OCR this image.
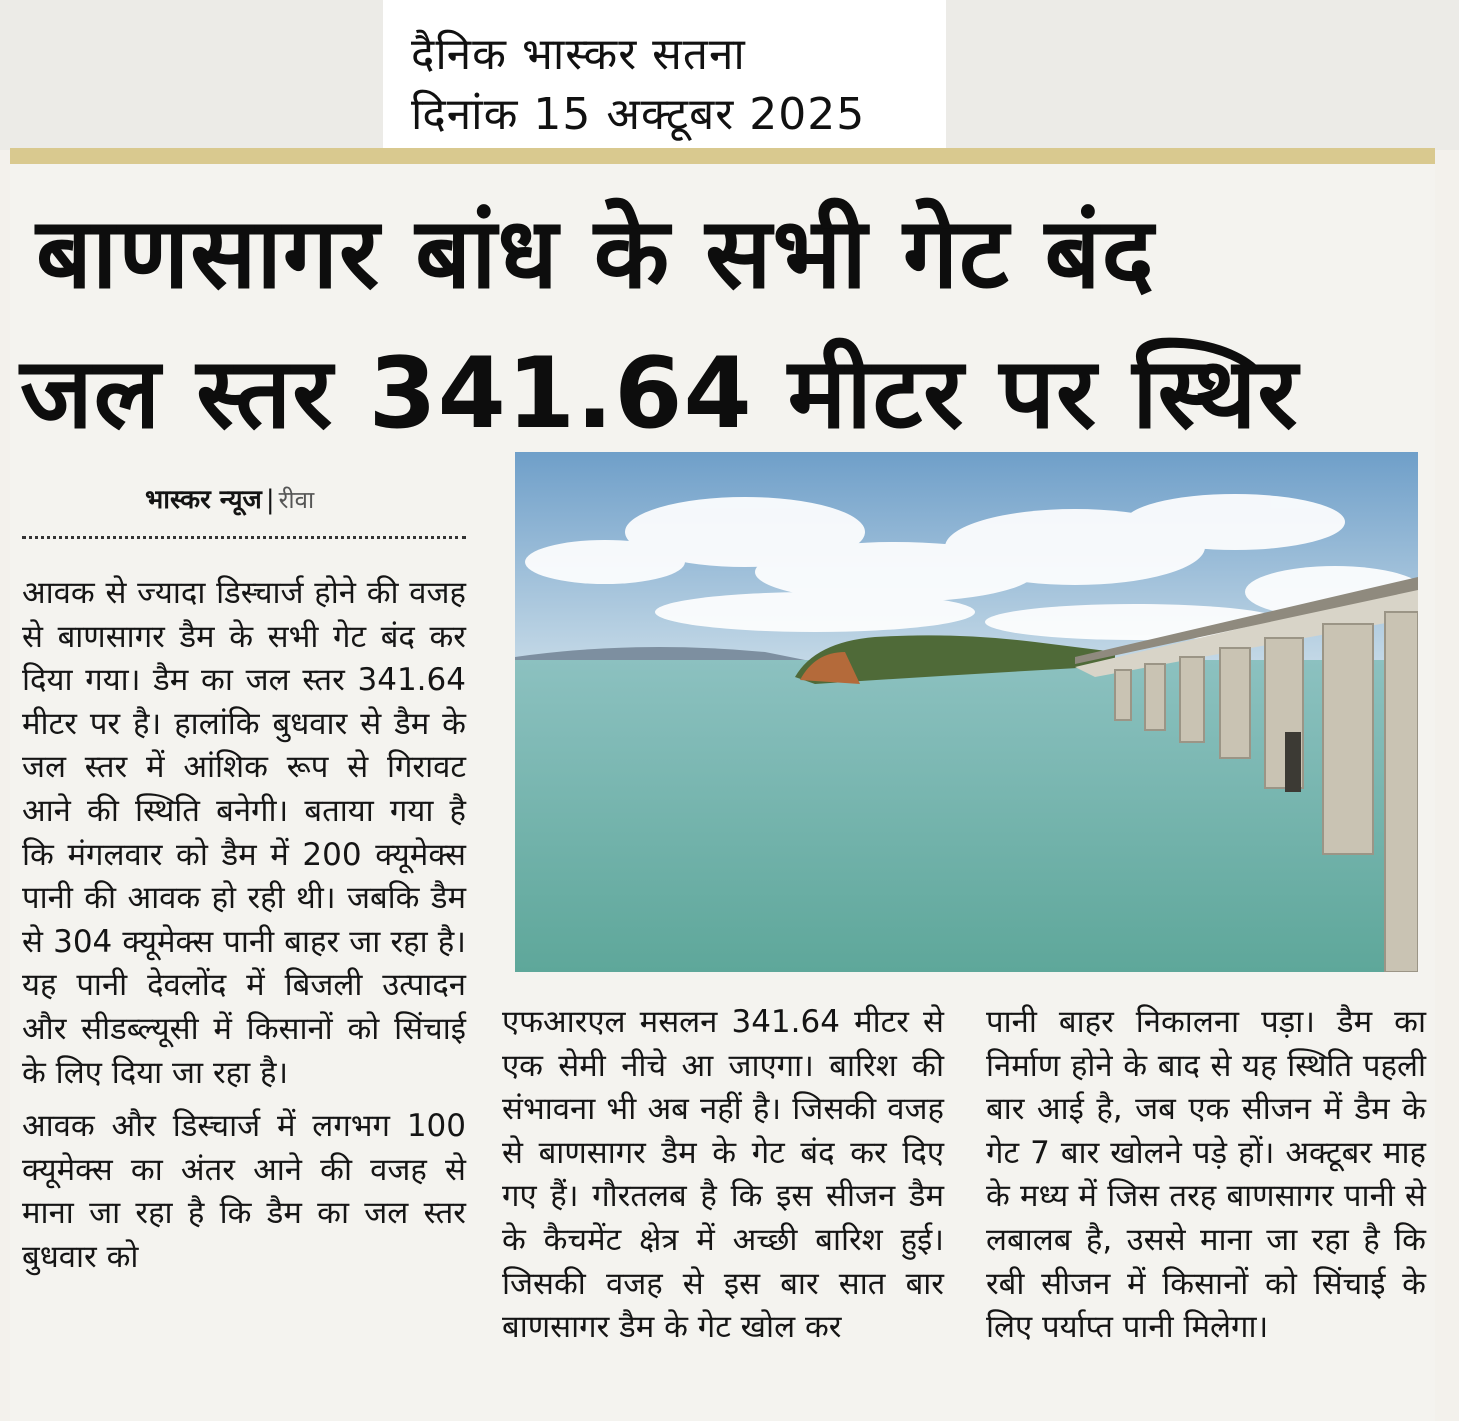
दैनिक भास्कर सतना
दिनांक 15 अक्टूबर 2025
बाणसागर बांध के सभी गेट बंद
जल स्तर 341.64 मीटर पर स्थिर
भास्कर न्यूज | रीवा

आवक से ज्यादा डिस्चार्ज होने की वजह से बाणसागर डैम के सभी गेट बंद कर दिया गया। डैम का जल स्तर 341.64 मीटर पर है। हालांकि बुधवार से डैम के जल स्तर में आंशिक रूप से गिरावट आने की स्थिति बनेगी। बताया गया है कि मंगलवार को डैम में 200 क्यूमेक्स पानी की आवक हो रही थी। जबकि डैम से 304 क्यूमेक्स पानी बाहर जा रहा है। यह पानी देवलोंद में बिजली उत्पादन और सीडब्ल्यूसी में किसानों को सिंचाई के लिए दिया जा रहा है।

आवक और डिस्चार्ज में लगभग 100 क्यूमेक्स का अंतर आने की वजह से माना जा रहा है कि डैम का जल स्तर बुधवार को

एफआरएल मसलन 341.64 मीटर से एक सेमी नीचे आ जाएगा। बारिश की संभावना भी अब नहीं है। जिसकी वजह से बाणसागर डैम के गेट बंद कर दिए गए हैं। गौरतलब है कि इस सीजन डैम के कैचमेंट क्षेत्र में अच्छी बारिश हुई। जिसकी वजह से इस बार सात बार बाणसागर डैम के गेट खोल कर

पानी बाहर निकालना पड़ा। डैम का निर्माण होने के बाद से यह स्थिति पहली बार आई है, जब एक सीजन में डैम के गेट 7 बार खोलने पड़े हों। अक्टूबर माह के मध्य में जिस तरह बाणसागर पानी से लबालब है, उससे माना जा रहा है कि रबी सीजन में किसानों को सिंचाई के लिए पर्याप्त पानी मिलेगा।
